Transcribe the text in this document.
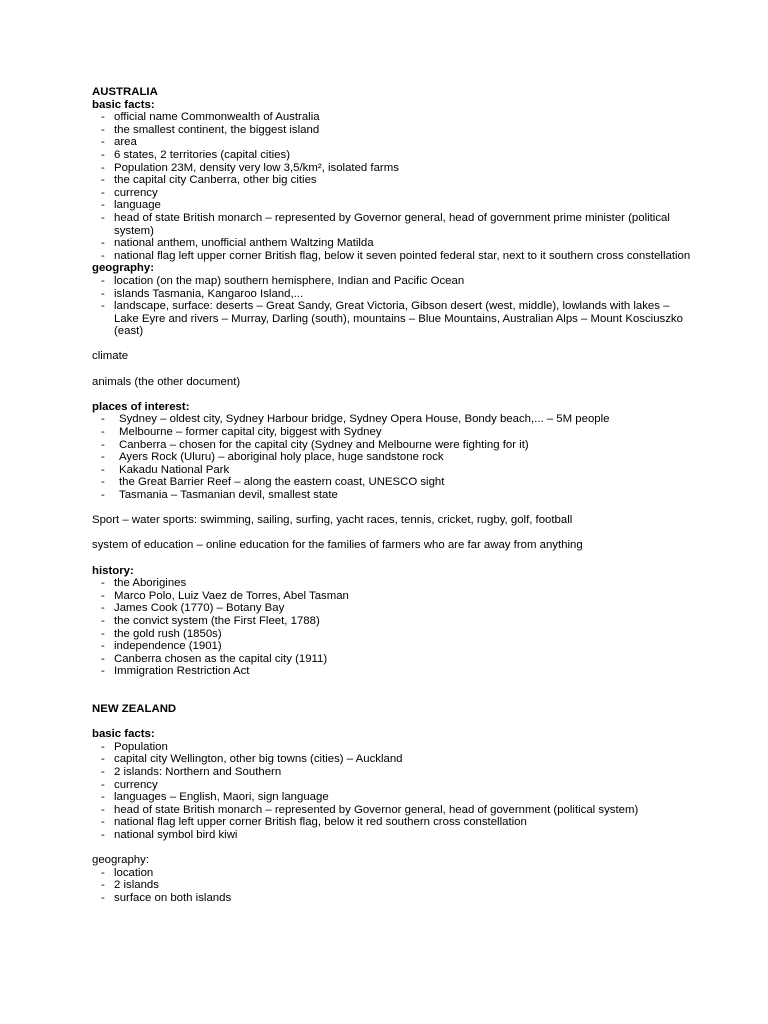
AUSTRALIA
basic facts:
- official name Commonwealth of Australia
- the smallest continent, the biggest island
- area
- 6 states, 2 territories (capital cities)
- Population 23M, density very low 3,5/km², isolated farms
- the capital city Canberra, other big cities
- currency
- language
- head of state British monarch – represented by Governor general, head of government prime minister (political system)
- national anthem, unofficial anthem Waltzing Matilda
- national flag left upper corner British flag, below it seven pointed federal star, next to it southern cross constellation
geography:
- location (on the map) southern hemisphere, Indian and Pacific Ocean
- islands Tasmania, Kangaroo Island,...
- landscape, surface: deserts – Great Sandy, Great Victoria, Gibson desert (west, middle), lowlands with lakes – Lake Eyre and rivers – Murray, Darling (south), mountains – Blue Mountains, Australian Alps – Mount Kosciuszko (east)

climate

animals (the other document)

places of interest:
- Sydney – oldest city, Sydney Harbour bridge, Sydney Opera House, Bondy beach,... – 5M people
- Melbourne – former capital city, biggest with Sydney
- Canberra – chosen for the capital city (Sydney and Melbourne were fighting for it)
- Ayers Rock (Uluru) – aboriginal holy place, huge sandstone rock
- Kakadu National Park
- the Great Barrier Reef – along the eastern coast, UNESCO sight
- Tasmania – Tasmanian devil, smallest state

Sport – water sports: swimming, sailing, surfing, yacht races, tennis, cricket, rugby, golf, football

system of education – online education for the families of farmers who are far away from anything

history:
- the Aborigines
- Marco Polo, Luiz Vaez de Torres, Abel Tasman
- James Cook (1770) – Botany Bay
- the convict system (the First Fleet, 1788)
- the gold rush (1850s)
- independence (1901)
- Canberra chosen as the capital city (1911)
- Immigration Restriction Act
NEW ZEALAND
basic facts:
- Population
- capital city Wellington, other big towns (cities) – Auckland
- 2 islands: Northern and Southern
- currency
- languages – English, Maori, sign language
- head of state British monarch – represented by Governor general, head of government (political system)
- national flag left upper corner British flag, below it red southern cross constellation
- national symbol bird kiwi

geography:

- location
- 2 islands
- surface on both islands
